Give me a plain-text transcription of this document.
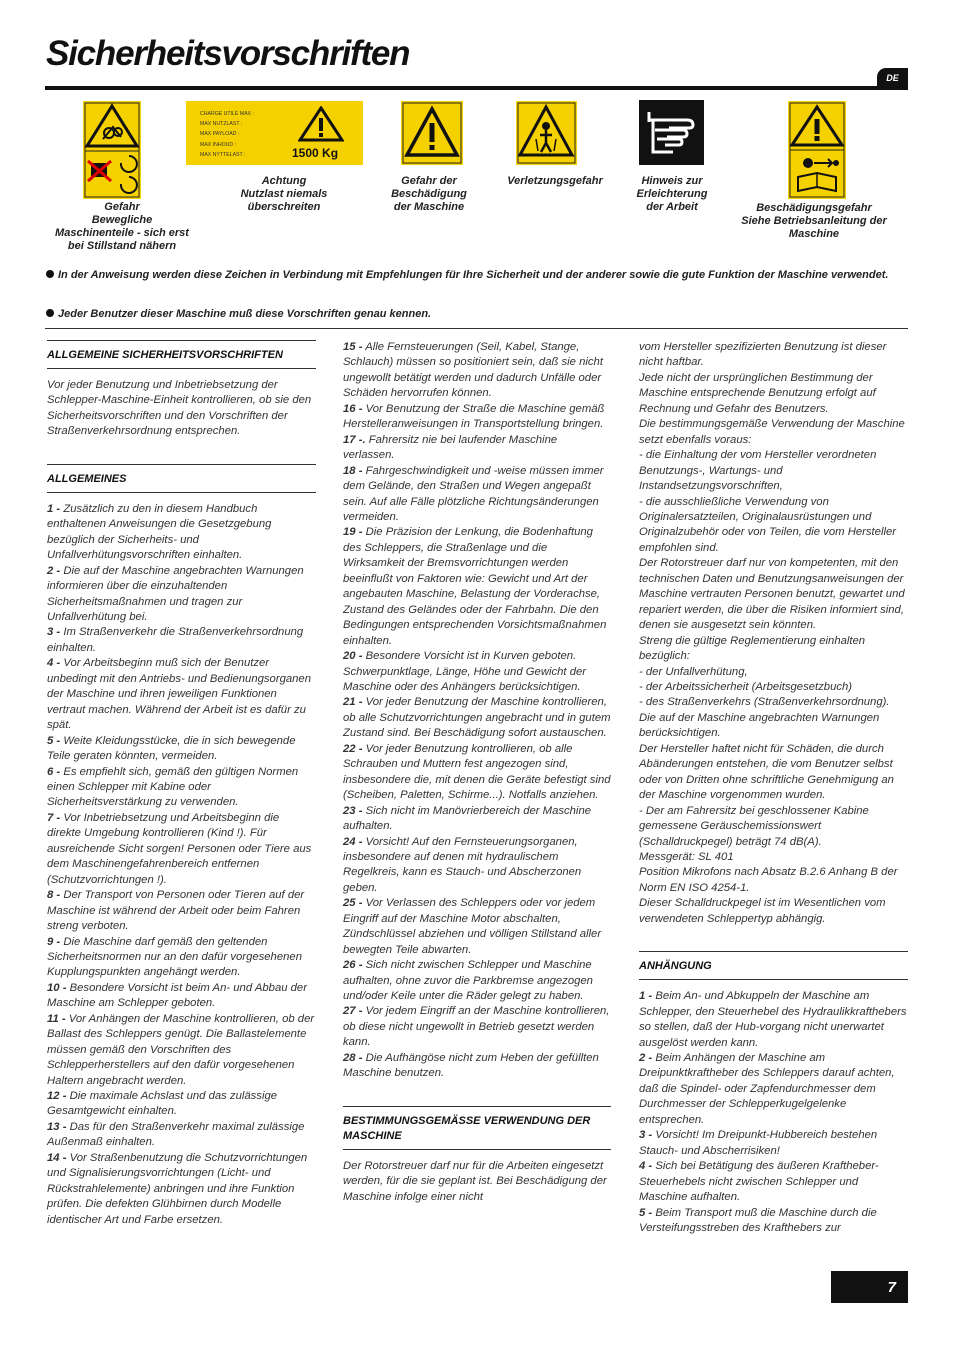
Sicherheitsvorschriften
DE
Gefahr
Bewegliche
Maschinenteile - sich erst
bei Stillstand nähern
CHARGE UTILE MAX :
MAX NUTZLAST :
MAX PAYLOAD :
MAX INHOUD :
MAX NYTTELAST :	1500 Kg
Achtung
Nutzlast niemals
überschreiten
Gefahr der
Beschädigung
der Maschine
Verletzungsgefahr	Hinweis zur
Erleichterung
der Arbeit	Beschädigungsgefahr
Siehe Betriebsanleitung der
Maschine
In der Anweisung werden diese Zeichen in Verbindung mit Empfehlungen für Ihre Sicherheit und der anderer sowie die gute Funktion der Maschine verwendet.
Jeder Benutzer dieser Maschine muß diese Vorschriften genau kennen.
ALLGEMEINE SICHERHEITSVORSCHRIFTEN

Vor jeder Benutzung und Inbetriebsetzung der Schlepper-Maschine-Einheit kontrollieren, ob sie den Sicherheitsvorschriften und den Vorschriften der Straßenverkehrsordnung entsprechen.

ALLGEMEINES

1 - Zusätzlich zu den in diesem Handbuch enthaltenen Anweisungen die Gesetzgebung bezüglich der Sicherheits- und Unfallverhütungsvorschriften einhalten.

2 - Die auf der Maschine angebrachten Warnungen informieren über die einzuhaltenden Sicherheitsmaßnahmen und tragen zur Unfallverhütung bei.

3 - Im Straßenverkehr die Straßenverkehrsordnung einhalten.

4 - Vor Arbeitsbeginn muß sich der Benutzer unbedingt mit den Antriebs- und Bedienungsorganen der Maschine und ihren jeweiligen Funktionen vertraut machen. Während der Arbeit ist es dafür zu spät.

5 - Weite Kleidungsstücke, die in sich bewegende Teile geraten könnten, vermeiden.

6 - Es empfiehlt sich, gemäß den gültigen Normen einen Schlepper mit Kabine oder Sicherheitsverstärkung zu verwenden.

7 - Vor Inbetriebsetzung und Arbeitsbeginn die direkte Umgebung kontrollieren (Kind !). Für ausreichende Sicht sorgen! Personen oder Tiere aus dem Maschinengefahrenbereich entfernen (Schutzvorrichtungen !).

8 - Der Transport von Personen oder Tieren auf der Maschine ist während der Arbeit oder beim Fahren streng verboten.

9 - Die Maschine darf gemäß den geltenden Sicherheitsnormen nur an den dafür vorgesehenen Kupplungspunkten angehängt werden.

10 - Besondere Vorsicht ist beim An- und Abbau der Maschine am Schlepper geboten.

11 - Vor Anhängen der Maschine kontrollieren, ob der Ballast des Schleppers genügt. Die Ballastelemente müssen gemäß den Vorschriften des Schlepperherstellers auf den dafür vorgesehenen Haltern angebracht werden.

12 - Die maximale Achslast und das zulässige Gesamtgewicht einhalten.

13 - Das für den Straßenverkehr maximal zulässige Außenmaß einhalten.

14 - Vor Straßenbenutzung die Schutzvorrichtungen und Signalisierungsvorrichtungen (Licht- und Rückstrahlelemente) anbringen und ihre Funktion prüfen. Die defekten Glühbirnen durch Modelle identischer Art und Farbe ersetzen.

15 - Alle Fernsteuerungen (Seil, Kabel, Stange, Schlauch) müssen so positioniert sein, daß sie nicht ungewollt betätigt werden und dadurch Unfälle oder Schäden hervorrufen können.

16 - Vor Benutzung der Straße die Maschine gemäß Herstelleranweisungen in Transportstellung bringen.

17 -. Fahrersitz nie bei laufender Maschine verlassen.

18 - Fahrgeschwindigkeit und -weise müssen immer dem Gelände, den Straßen und Wegen angepaßt sein. Auf alle Fälle plötzliche Richtungsänderungen vermeiden.

19 - Die Präzision der Lenkung, die Bodenhaftung des Schleppers, die Straßenlage und die Wirksamkeit der Bremsvorrichtungen werden beeinflußt von Faktoren wie: Gewicht und Art der angebauten Maschine, Belastung der Vorderachse, Zustand des Geländes oder der Fahrbahn. Die den Bedingungen entsprechenden Vorsichtsmaßnahmen einhalten.

20 - Besondere Vorsicht ist in Kurven geboten. Schwerpunktlage, Länge, Höhe und Gewicht der Maschine oder des Anhängers berücksichtigen.

21 - Vor jeder Benutzung der Maschine kontrollieren, ob alle Schutzvorrichtungen angebracht und in gutem Zustand sind. Bei Beschädigung sofort austauschen.

22 - Vor jeder Benutzung kontrollieren, ob alle Schrauben und Muttern fest angezogen sind, insbesondere die, mit denen die Geräte befestigt sind (Scheiben, Paletten, Schirme...). Notfalls anziehen.

23 - Sich nicht im Manövrierbereich der Maschine aufhalten.

24 - Vorsicht! Auf den Fernsteuerungsorganen, insbesondere auf denen mit hydraulischem Regelkreis, kann es Stauch- und Abscherzonen geben.

25 - Vor Verlassen des Schleppers oder vor jedem Eingriff auf der Maschine Motor abschalten, Zündschlüssel abziehen und völligen Stillstand aller bewegten Teile abwarten.

26 - Sich nicht zwischen Schlepper und Maschine aufhalten, ohne zuvor die Parkbremse angezogen und/oder Keile unter die Räder gelegt zu haben.

27 - Vor jedem Eingriff an der Maschine kontrollieren, ob diese nicht ungewollt in Betrieb gesetzt werden kann.

28 - Die Aufhängöse nicht zum Heben der gefüllten Maschine benutzen.

BESTIMMUNGSGEMÄSSE VERWENDUNG DER MASCHINE

Der Rotorstreuer darf nur für die Arbeiten eingesetzt werden, für die sie geplant ist. Bei Beschädigung der Maschine infolge einer nicht

vom Hersteller spezifizierten Benutzung ist dieser nicht haftbar.

Jede nicht der ursprünglichen Bestimmung der Maschine entsprechende Benutzung erfolgt auf Rechnung und Gefahr des Benutzers.

Die bestimmungsgemäße Verwendung der Maschine setzt ebenfalls voraus:

- die Einhaltung der vom Hersteller verordneten Benutzungs-, Wartungs- und Instandsetzungsvorschriften,

- die ausschließliche Verwendung von Originalersatzteilen, Originalausrüstungen und Originalzubehör oder von Teilen, die vom Hersteller empfohlen sind.

Der Rotorstreuer darf nur von kompetenten, mit den technischen Daten und Benutzungsanweisungen der Maschine vertrauten Personen benutzt, gewartet und repariert werden, die über die Risiken informiert sind, denen sie ausgesetzt sein könnten.

Streng die gültige Reglementierung einhalten bezüglich:

- der Unfallverhütung,

- der Arbeitssicherheit (Arbeitsgesetzbuch)

- des Straßenverkehrs (Straßenverkehrsordnung).

Die auf der Maschine angebrachten Warnungen berücksichtigen.

Der Hersteller haftet nicht für Schäden, die durch Abänderungen entstehen, die vom Benutzer selbst oder von Dritten ohne schriftliche Genehmigung an der Maschine vorgenommen wurden.

- Der am Fahrersitz bei geschlossener Kabine gemessene Geräuschemissionswert (Schalldruckpegel) beträgt 74 dB(A).

Messgerät: SL 401

Position Mikrofons nach Absatz B.2.6 Anhang B der Norm EN ISO 4254-1.

Dieser Schalldruckpegel ist im Wesentlichen vom verwendeten Schleppertyp abhängig.

ANHÄNGUNG

1 - Beim An- und Abkuppeln der Maschine am Schlepper, den Steuerhebel des Hydraulikkrafthebers so stellen, daß der Hub-vorgang nicht unerwartet ausgelöst werden kann.

2 - Beim Anhängen der Maschine am Dreipunktkraftheber des Schleppers darauf achten, daß die Spindel- oder Zapfendurchmesser dem Durchmesser der Schlepperkugelgelenke entsprechen.

3 - Vorsicht! Im Dreipunkt-Hubbereich bestehen Stauch- und Abscherrisiken!

4 - Sich bei Betätigung des äußeren Kraftheber-Steuerhebels nicht zwischen Schlepper und Maschine aufhalten.

5 - Beim Transport muß die Maschine durch die Versteifungsstreben des Krafthebers zur

7
